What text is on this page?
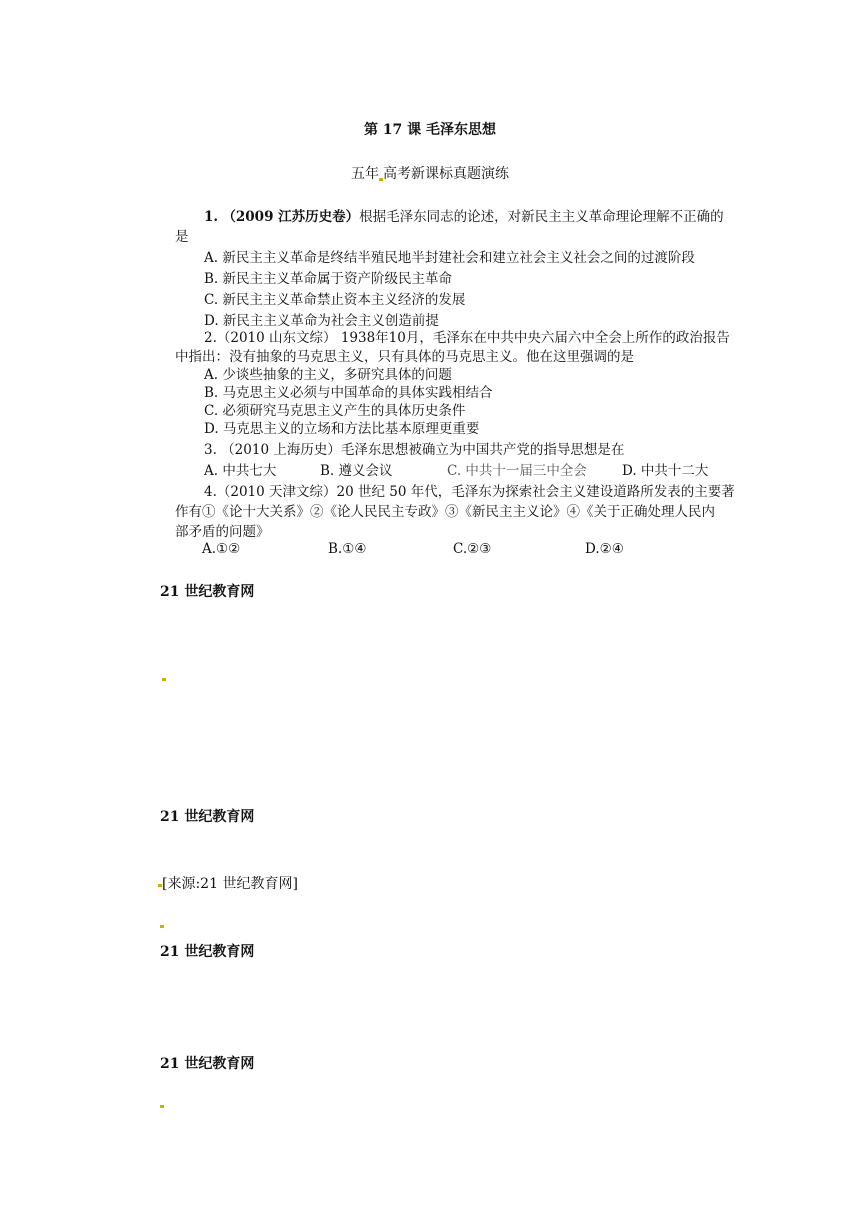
第 17 课 毛泽东思想
五年 高考新课标真题演练
1. （2009 江苏历史卷）根据毛泽东同志的论述，对新民主主义革命理论理解不正确的
是
A. 新民主主义革命是终结半殖民地半封建社会和建立社会主义社会之间的过渡阶段
B. 新民主主义革命属于资产阶级民主革命
C. 新民主主义革命禁止资本主义经济的发展
D. 新民主主义革命为社会主义创造前提
2.（2010 山东文综） 1938年10月，毛泽东在中共中央六届六中全会上所作的政治报告
中指出：没有抽象的马克思主义，只有具体的马克思主义。他在这里强调的是
A. 少谈些抽象的主义，多研究具体的问题
B. 马克思主义必须与中国革命的具体实践相结合
C. 必须研究马克思主义产生的具体历史条件
D. 马克思主义的立场和方法比基本原理更重要
3. （2010 上海历史）毛泽东思想被确立为中国共产党的指导思想是在
A. 中共七大	B. 遵义会议	C. 中共十一届三中全会	D. 中共十二大
4.（2010 天津文综）20 世纪 50 年代，毛泽东为探索社会主义建设道路所发表的主要著
作有①《论十大关系》②《论人民民主专政》③《新民主主义论》④《关于正确处理人民内
部矛盾的问题》
A.①②	B.①④	C.②③	D.②④
21 世纪教育网
21 世纪教育网
[来源:21 世纪教育网]
21 世纪教育网
21 世纪教育网
